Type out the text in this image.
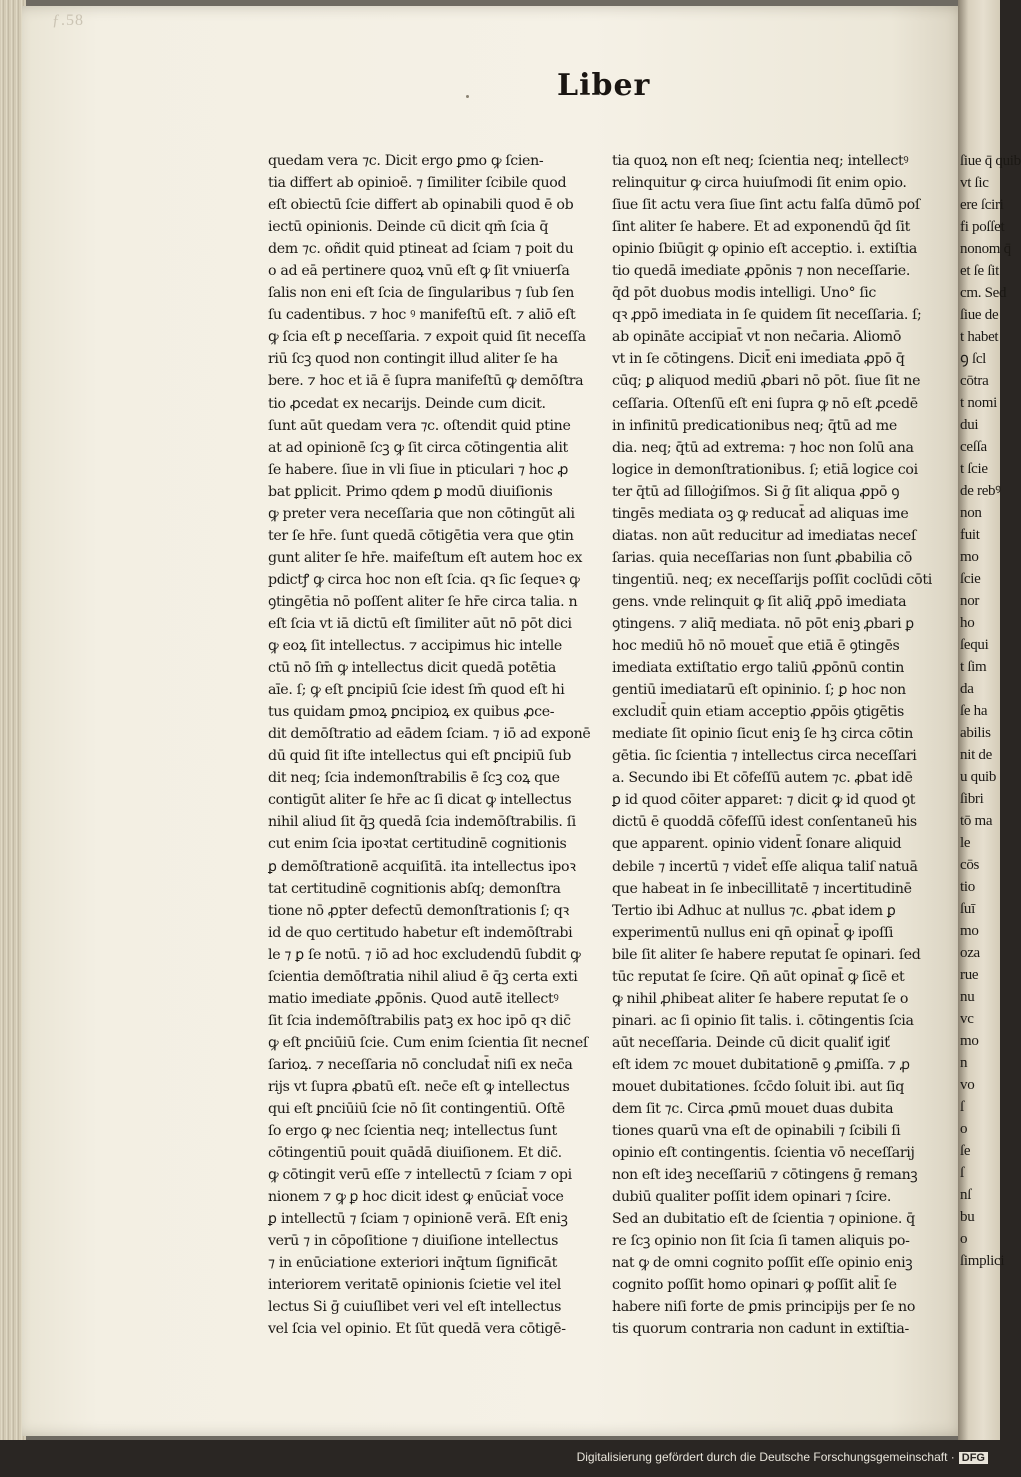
ſiue q̄ quib
vt ſic
ere ſciri
fi poſſet
nonom q̄
et ſe ſit
cm. Sed
ſiue de
t habet
ꝯ ſcl
cōtra
t nomi
dui
ceſſa
t ſcie
de rebꝰ
non
fuit
mo
ſcie
nor
ho
ſequi
t ſim
da
ſe ha
abilis
nit de
u quib
ſibri
tō ma
le
cōs
tio
ſuī
mo
oza
rue
nu
vc
mo
n
vo
ſ
o
ſe
ſ
nſ
bu
o
ſimplici
ƒ.58
Liber
quedam vera ⁊c. Dicit ergo ꝑmo ꝙ ſcien-
tia differt ab opinioē. ⁊ ſimiliter ſcibile quod
eſt obiectū ſcie differt ab opinabili quod ē ob
iectū opinionis. Deinde cū dicit qm̄ ſcia q̄
dem ⁊c. oñdit quid ptineat ad ſciam ⁊ poit du
o ad eā pertinere quoꝝ vnū eſt ꝙ ſit vniuerſa
ſalis non eni eſt ſcia de ſingularibus ⁊ ſub ſen
ſu cadentibus. ⁊ hoc ꝰ manifeſtū eſt. ⁊ aliō eſt
ꝙ ſcia eſt ꝑ neceſſaria. ⁊ expoit quid ſit neceſſa
riū ſcꝫ quod non contingit illud aliter ſe ha
bere. ⁊ hoc et iā ē ſupra manifeſtū ꝙ demōſtra
tio ꝓcedat ex necarijs. Deinde cum dicit.
ſunt aūt quedam vera ⁊c. oſtendit quid ptine
at ad opinionē ſcꝫ ꝙ ſit circa cōtingentia alit
ſe habere. ſiue in vli ſiue in pticulari ⁊ hoc ꝓ
bat ꝑplicit. Primo qdem ꝑ modū diuiſionis
ꝙ preter vera neceſſaria que non cōtingūt ali
ter ſe hr̄e. ſunt quedā cōtigētia vera que ꝯtin
gunt aliter ſe hr̄e. maifeſtum eſt autem hoc ex
pdictꝭ ꝙ circa hoc non eſt ſcia. qꝛ ſic ſequeꝛ ꝙ
ꝯtingētia nō poſſent aliter ſe hr̄e circa talia. n
eſt ſcia vt iā dictū eſt ſimiliter aūt nō pōt dici
ꝙ eoꝝ ſit intellectus. ⁊ accipimus hic intelle
ctū nō ſm̄ ꝙ intellectus dicit quedā potētia
aīe. ſ; ꝙ eſt ꝑncipiū ſcie idest ſm̄ quod eſt hi
tus quidam ꝑmoꝝ ꝑncipioꝝ ex quibus ꝓce-
dit demōſtratio ad eādem ſciam. ⁊ iō ad exponē
dū quid ſit iſte intellectus qui eſt ꝑncipiū ſub
dit neq; ſcia indemonſtrabilis ē ſcꝫ coꝝ que
contigūt aliter ſe hr̄e ac ſi dicat ꝙ intellectus
nihil aliud ſit q̄ꝫ quedā ſcia indemōſtrabilis. ſi
cut enim ſcia ipoꝛtat certitudinē cognitionis
ꝑ demōſtrationē acquiſitā. ita intellectus ipoꝛ
tat certitudinē cognitionis abſq; demonſtra
tione nō ꝓpter defectū demonſtrationis ſ; qꝛ
id de quo certitudo habetur eſt indemōſtrabi
le ⁊ ꝑ ſe notū. ⁊ iō ad hoc excludendū ſubdit ꝙ
ſcientia demōſtratia nihil aliud ē q̄ꝫ certa exti
matio imediate ꝓpōnis. Quod autē itellectꝰ
ſit ſcia indemōſtrabilis patꝫ ex hoc ipō qꝛ dic̄
ꝙ eſt ꝑnciūiū ſcie. Cum enim ſcientia ſit necneſ
ſarioꝝ. ⁊ neceſſaria nō concludat̄ niſi ex nec̄a
rijs vt ſupra ꝓbatū eſt. nec̄e eſt ꝙ intellectus
qui eſt ꝑnciūiū ſcie nō ſit contingentiū. Oſtē
ſo ergo ꝙ nec ſcientia neq; intellectus ſunt
cōtingentiū pouit quādā diuiſionem. Et dic̄.
ꝙ cōtingit verū eſſe ⁊ intellectū ⁊ ſciam ⁊ opi
nionem ⁊ ꝙ ꝑ hoc dicit idest ꝙ enūciat̄ voce
ꝑ intellectū ⁊ ſciam ⁊ opinionē verā. Eſt eniꝫ
verū ⁊ in cōpoſitione ⁊ diuiſione intellectus
⁊ in enūciatione exteriori inq̄tum ſignificāt
interiorem veritatē opinionis ſcietie vel itel
lectus Si ḡ cuiuſlibet veri vel eſt intellectus
vel ſcia vel opinio. Et ſūt quedā vera cōtigē-
tia quoꝝ non eſt neq; ſcientia neq; intellectꝰ
relinquitur ꝙ circa huiuſmodi ſit enim opio.
ſiue ſit actu vera ſiue ſint actu falſa dūmō poſ
ſint aliter ſe habere. Et ad exponendū q̄d ſit
opinio ſbiūgit ꝙ opinio eſt acceptio. i. extiſtia
tio quedā imediate ꝓpōnis ⁊ non neceſſarie.
q̄d pōt duobus modis intelligi. Uno° ſic
qꝛ ꝓpō imediata in ſe quidem ſit neceſſaria. ſ;
ab opināte accipiat̄ vt non nec̄aria. Aliomō
vt in ſe cōtingens. Dicit̄ eni imediata ꝓpō q̄
cūq; ꝑ aliquod mediū ꝓbari nō pōt. ſiue ſit ne
ceſſaria. Oſtenſū eſt eni ſupra ꝙ nō eſt ꝓcedē
in infinitū predicationibus neq; q̄tū ad me
dia. neq; q̄tū ad extrema: ⁊ hoc non ſolū ana
logice in demonſtrationibus. ſ; etiā logice coi
ter q̄tū ad ſilloġiſmos. Si ḡ ſit aliqua ꝓpō ꝯ
tingēs mediata oꝫ ꝙ reducat̄ ad aliquas ime
diatas. non aūt reducitur ad imediatas neceſ
ſarias. quia neceſſarias non ſunt ꝓbabilia cō
tingentiū. neq; ex neceſſarijs poſſit coclūdi cōti
gens. vnde relinquit ꝙ ſit aliq̄ ꝓpō imediata
ꝯtingens. ⁊ aliq̄ mediata. nō pōt eniꝫ ꝓbari ꝑ
hoc mediū hō nō mouet̄ que etiā ē ꝯtingēs
imediata extiſtatio ergo taliū ꝓpōnū contin
gentiū imediatarū eſt opininio. ſ; ꝑ hoc non
excludit̄ quin etiam acceptio ꝓpōis ꝯtigētis
mediate ſit opinio ſicut eniꝫ ſe hꝫ circa cōtin
gētia. ſic ſcientia ⁊ intellectus circa neceſſari
a. Secundo ibi Et cōfeſſū autem ⁊c. ꝓbat idē
ꝑ id quod cōiter apparet: ⁊ dicit ꝙ id quod ꝯt
dictū ē quoddā cōfeſſū idest conſentaneū his
que apparent. opinio vident̄ ſonare aliquid
debile ⁊ incertū ⁊ videt̄ eſſe aliqua taliſ natuā
que habeat in ſe inbecillitatē ⁊ incertitudinē
Tertio ibi Adhuc at nullus ⁊c. ꝓbat idem ꝑ
experimentū nullus eni qn̄ opinat̄ ꝙ ipoſſi
bile ſit aliter ſe habere reputat ſe opinari. ſed
tūc reputat ſe ſcire. Qn̄ aūt opinat̄ ꝙ ſicē et
ꝙ nihil ꝓhibeat aliter ſe habere reputat ſe o
pinari. ac ſi opinio ſit talis. i. cōtingentis ſcia
aūt neceſſaria. Deinde cū dicit qualiť igiť
eſt idem ⁊c mouet dubitationē ꝯ ꝓmiſſa. ⁊ ꝓ
mouet dubitationes. ſcc̄do ſoluit ibi. aut ſiq
dem ſit ⁊c. Circa ꝓmū mouet duas dubita
tiones quarū vna eſt de opinabili ⁊ ſcibili ſi
opinio eſt contingentis. ſcientia vō neceſſarij
non eſt ideꝫ neceſſariū ⁊ cōtingens ḡ remanꝫ
dubiū qualiter poſſit idem opinari ⁊ ſcire.
Sed an dubitatio eſt de ſcientia ⁊ opinione. q̄
re ſcꝫ opinio non ſit ſcia ſi tamen aliquis po-
nat ꝙ de omni cognito poſſit eſſe opinio eniꝫ
cognito poſſit homo opinari ꝙ poſſit alit̄ ſe
habere niſi forte de ꝑmis principijs per ſe no
tis quorum contraria non cadunt in extiſtia-
Digitalisierung gefördert durch die Deutsche Forschungsgemeinschaft · DFG
